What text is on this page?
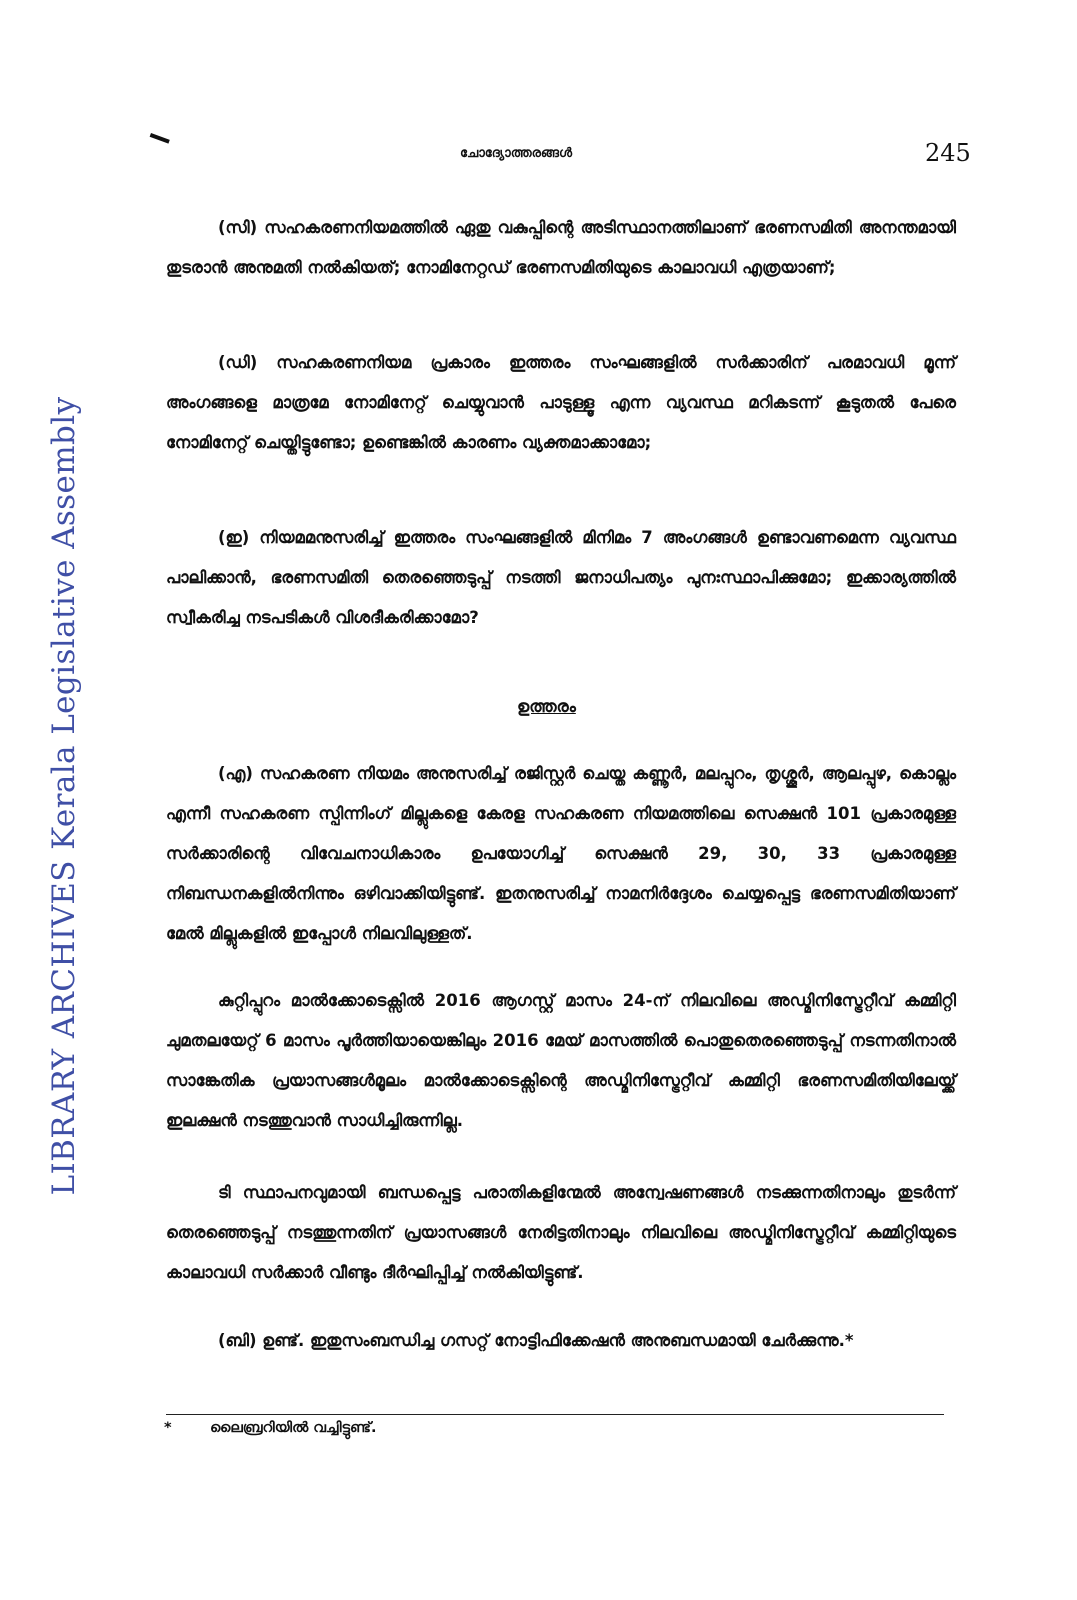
LIBRARY ARCHIVES Kerala Legislative Assembly
ചോദ്യോത്തരങ്ങൾ	245

(സി) സഹകരണനിയമത്തിൽ ഏതു വകുപ്പിന്റെ അടിസ്ഥാനത്തിലാണ് ഭരണസമിതി അനന്തമായി തുടരാൻ അനുമതി നൽകിയത്; നോമിനേറ്റഡ് ഭരണസമിതിയുടെ കാലാവധി എത്രയാണ്;

(ഡി) സഹകരണനിയമ പ്രകാരം ഇത്തരം സംഘങ്ങളിൽ സർക്കാരിന് പരമാവധി മൂന്ന് അംഗങ്ങളെ മാത്രമേ നോമിനേറ്റ് ചെയ്യുവാൻ പാടുള്ളൂ എന്ന വ്യവസ്ഥ മറികടന്ന് കൂടുതൽ പേരെ നോമിനേറ്റ് ചെയ്തിട്ടുണ്ടോ; ഉണ്ടെങ്കിൽ കാരണം വ്യക്തമാക്കാമോ;

(ഇ) നിയമമനുസരിച്ച് ഇത്തരം സംഘങ്ങളിൽ മിനിമം 7 അംഗങ്ങൾ ഉണ്ടാവണമെന്ന വ്യവസ്ഥ പാലിക്കാൻ, ഭരണസമിതി തെരഞ്ഞെടുപ്പ് നടത്തി ജനാധിപത്യം പുനഃസ്ഥാപിക്കുമോ; ഇക്കാര്യത്തിൽ സ്വീകരിച്ച നടപടികൾ വിശദീകരിക്കാമോ?

ഉത്തരം

(എ) സഹകരണ നിയമം അനുസരിച്ച് രജിസ്റ്റർ ചെയ്ത കണ്ണൂർ, മലപ്പുറം, തൃശ്ശൂർ, ആലപ്പുഴ, കൊല്ലം എന്നീ സഹകരണ സ്പിന്നിംഗ് മില്ലുകളെ കേരള സഹകരണ നിയമത്തിലെ സെക്ഷൻ 101 പ്രകാരമുള്ള സർക്കാരിന്റെ വിവേചനാധികാരം ഉപയോഗിച്ച് സെക്ഷൻ 29, 30, 33 പ്രകാരമുള്ള നിബന്ധനകളിൽനിന്നും ഒഴിവാക്കിയിട്ടുണ്ട്. ഇതനുസരിച്ച് നാമനിർദ്ദേശം ചെയ്യപ്പെട്ട ഭരണസമിതിയാണ് മേൽ മില്ലുകളിൽ ഇപ്പോൾ നിലവിലുള്ളത്.

കുറ്റിപ്പുറം മാൽക്കോടെക്സിൽ 2016 ആഗസ്റ്റ് മാസം 24-ന് നിലവിലെ അഡ്മിനിസ്ട്രേറ്റീവ് കമ്മിറ്റി ചുമതലയേറ്റ് 6 മാസം പൂർത്തിയായെങ്കിലും 2016 മേയ് മാസത്തിൽ പൊതുതെരഞ്ഞെടുപ്പ് നടന്നതിനാൽ സാങ്കേതിക പ്രയാസങ്ങൾമൂലം മാൽക്കോടെക്സിന്റെ അഡ്മിനിസ്ട്രേറ്റീവ് കമ്മിറ്റി ഭരണസമിതിയിലേയ്ക്ക് ഇലക്ഷൻ നടത്തുവാൻ സാധിച്ചിരുന്നില്ല.

ടി സ്ഥാപനവുമായി ബന്ധപ്പെട്ട പരാതികളിന്മേൽ അന്വേഷണങ്ങൾ നടക്കുന്നതിനാലും തുടർന്ന് തെരഞ്ഞെടുപ്പ് നടത്തുന്നതിന് പ്രയാസങ്ങൾ നേരിട്ടതിനാലും നിലവിലെ അഡ്മിനിസ്ട്രേറ്റീവ് കമ്മിറ്റിയുടെ കാലാവധി സർക്കാർ വീണ്ടും ദീർഘിപ്പിച്ച് നൽകിയിട്ടുണ്ട്.

(ബി) ഉണ്ട്. ഇതുസംബന്ധിച്ച ഗസറ്റ് നോട്ടിഫിക്കേഷൻ അനുബന്ധമായി ചേർക്കുന്നു.*

*	ലൈബ്രറിയിൽ വച്ചിട്ടുണ്ട്.
